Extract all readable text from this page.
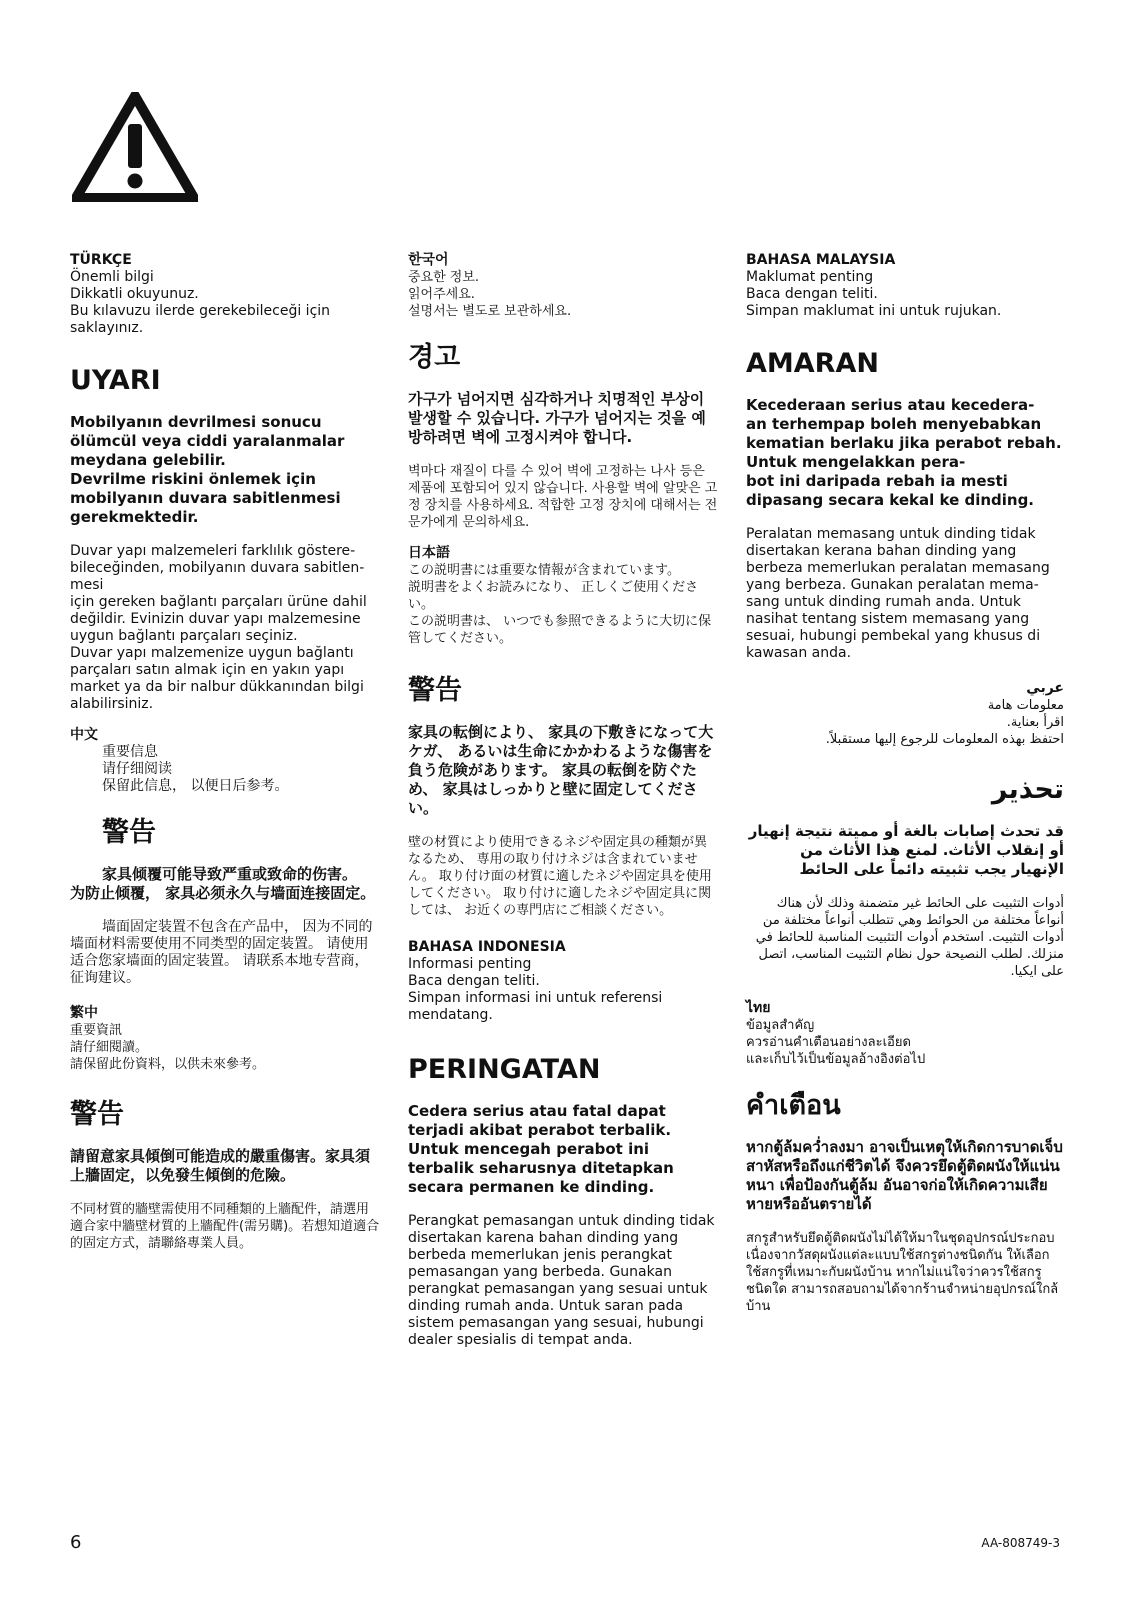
TÜRKÇE
Önemli bilgi
Dikkatli okuyunuz.
Bu kılavuzu ilerde gerekebileceği için saklayınız.
UYARI
Mobilyanın devrilmesi sonucu ölümcül veya ciddi yaralanmalar meydana gelebilir.
Devrilme riskini önlemek için mobilyanın duvara sabitlenmesi gerekmektedir.
Duvar yapı malzemeleri farklılık göstere-
bileceğinden, mobilyanın duvara sabitlen-
mesi
için gereken bağlantı parçaları ürüne dahil değildir. Evinizin duvar yapı malzemesine uygun bağlantı parçaları seçiniz.
Duvar yapı malzemenize uygun bağlantı parçaları satın almak için en yakın yapı market ya da bir nalbur dükkanından bilgi alabilirsiniz.
中文
重要信息
请仔细阅读
保留此信息， 以便日后参考。
警告
家具倾覆可能导致严重或致命的伤害。
为防止倾覆， 家具必须永久与墙面连接固定。
墙面固定装置不包含在产品中， 因为不同的墙面材料需要使用不同类型的固定装置。 请使用适合您家墙面的固定装置。 请联系本地专营商，征询建议。
繁中
重要資訊
請仔細閱讀。
請保留此份資料，以供未來參考。
警告
請留意家具傾倒可能造成的嚴重傷害。家具須上牆固定，以免發生傾倒的危險。
不同材質的牆壁需使用不同種類的上牆配件，請選用適合家中牆壁材質的上牆配件(需另購)。若想知道適合的固定方式，請聯絡專業人員。
한국어
중요한 정보.
읽어주세요.
설명서는 별도로 보관하세요.
경고
가구가 넘어지면 심각하거나 치명적인 부상이 발생할 수 있습니다. 가구가 넘어지는 것을 예방하려면 벽에 고정시켜야 합니다.
벽마다 재질이 다를 수 있어 벽에 고정하는 나사 등은 제품에 포함되어 있지 않습니다. 사용할 벽에 알맞은 고정 장치를 사용하세요. 적합한 고정 장치에 대해서는 전문가에게 문의하세요.
日本語
この説明書には重要な情報が含まれています。
説明書をよくお読みになり、 正しくご使用ください。
この説明書は、 いつでも参照できるように大切に保管してください。
警告
家具の転倒により、 家具の下敷きになって大ケガ、 あるいは生命にかかわるような傷害を負う危険があります。 家具の転倒を防ぐため、 家具はしっかりと壁に固定してください。
壁の材質により使用できるネジや固定具の種類が異なるため、 専用の取り付けネジは含まれていません。 取り付け面の材質に適したネジや固定具を使用してください。 取り付けに適したネジや固定具に関しては、 お近くの専門店にご相談ください。
BAHASA INDONESIA
Informasi penting
Baca dengan teliti.
Simpan informasi ini untuk referensi mendatang.
PERINGATAN
Cedera serius atau fatal dapat terjadi akibat perabot terbalik. Untuk mencegah perabot ini terbalik seharusnya ditetapkan secara permanen ke dinding.
Perangkat pemasangan untuk dinding tidak disertakan karena bahan dinding yang berbeda memerlukan jenis perangkat pemasangan yang berbeda. Gunakan perangkat pemasangan yang sesuai untuk dinding rumah anda. Untuk saran pada sistem pemasangan yang sesuai, hubungi dealer spesialis di tempat anda.
BAHASA MALAYSIA
Maklumat penting
Baca dengan teliti.
Simpan maklumat ini untuk rujukan.
AMARAN
Kecederaan serius atau kecedera-
an terhempap boleh menyebabkan kematian berlaku jika perabot rebah. Untuk mengelakkan pera-
bot ini daripada rebah ia mesti dipasang secara kekal ke dinding.
Peralatan memasang untuk dinding tidak disertakan kerana bahan dinding yang berbeza memerlukan peralatan memasang yang berbeza. Gunakan peralatan mema-
sang untuk dinding rumah anda. Untuk nasihat tentang sistem memasang yang sesuai, hubungi pembekal yang khusus di kawasan anda.
عربي
معلومات هامة
اقرأ بعناية.
احتفظ بهذه المعلومات للرجوع إليها مستقبلاً.
تحذير
قد تحدث إصابات بالغة أو مميتة نتيجة إنهيار أو إنقلاب الأثاث. لمنع هذا الأثاث من الإنهيار يجب تثبيته دائماً على الحائط
أدوات التثبيت على الحائط غير متضمنة وذلك لأن هناك أنواعاً مختلفة من الحوائط وهي تتطلب أنواعاً مختلفة من أدوات التثبيت. استخدم أدوات التثبيت المناسبة للحائط في منزلك. لطلب النصيحة حول نظام التثبيت المناسب، اتصل على ايكيا.
ไทย
ข้อมูลสำคัญ
ควรอ่านคำเตือนอย่างละเอียด
และเก็บไว้เป็นข้อมูลอ้างอิงต่อไป
คำเตือน
หากตู้ล้มคว่ำลงมา อาจเป็นเหตุให้เกิดการบาดเจ็บสาหัสหรือถึงแก่ชีวิตได้ จึงควรยึดตู้ติดผนังให้แน่นหนา เพื่อป้องกันตู้ล้ม อันอาจก่อให้เกิดความเสียหายหรืออันตรายได้
สกรูสำหรับยึดตู้ติดผนังไม่ได้ให้มาในชุดอุปกรณ์ประกอบ เนื่องจากวัสดุผนังแต่ละแบบใช้สกรูต่างชนิดกัน ให้เลือกใช้สกรูที่เหมาะกับผนังบ้าน หากไม่แน่ใจว่าควรใช้สกรูชนิดใด สามารถสอบถามได้จากร้านจำหน่ายอุปกรณ์ใกล้บ้าน
6	AA-808749-3
